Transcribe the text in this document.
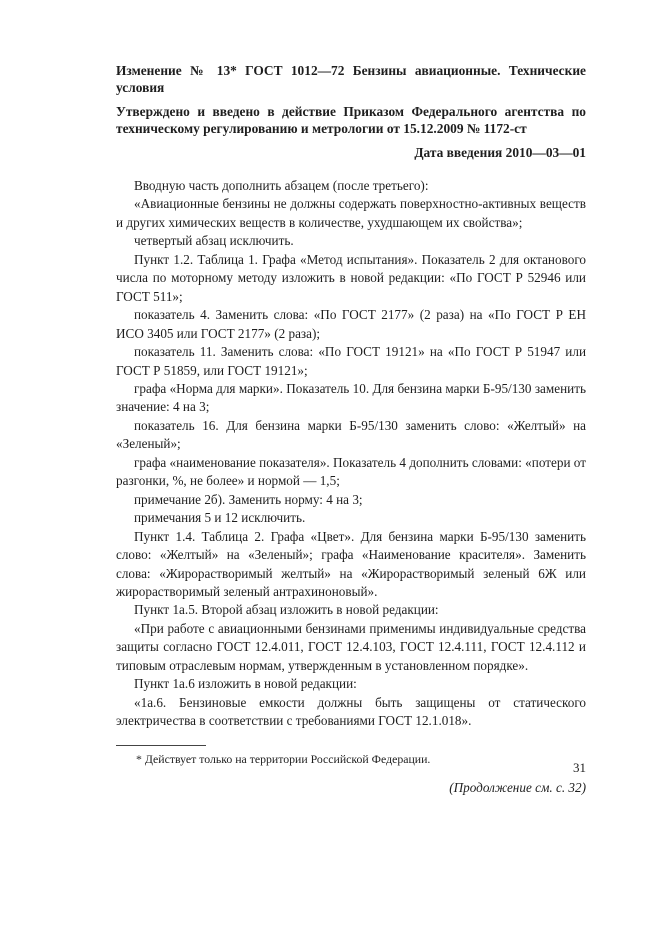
Изменение № 13* ГОСТ 1012—72 Бензины авиационные. Технические условия

Утверждено и введено в действие Приказом Федерального агентства по техническому регулированию и метрологии от 15.12.2009 № 1172-ст

Дата введения 2010—03—01

Вводную часть дополнить абзацем (после третьего):

«Авиационные бензины не должны содержать поверхностно-активных веществ и других химических веществ в количестве, ухудшающем их свойства»;

четвертый абзац исключить.

Пункт 1.2. Таблица 1. Графа «Метод испытания». Показатель 2 для октанового числа по моторному методу изложить в новой редакции: «По ГОСТ Р 52946 или ГОСТ 511»;

показатель 4. Заменить слова: «По ГОСТ 2177» (2 раза) на «По ГОСТ Р ЕН ИСО 3405 или ГОСТ 2177» (2 раза);

показатель 11. Заменить слова: «По ГОСТ 19121» на «По ГОСТ Р 51947 или ГОСТ Р 51859, или ГОСТ 19121»;

графа «Норма для марки». Показатель 10. Для бензина марки Б-95/130 заменить значение: 4 на 3;

показатель 16. Для бензина марки Б-95/130 заменить слово: «Желтый» на «Зеленый»;

графа «наименование показателя». Показатель 4 дополнить словами: «потери от разгонки, %, не более» и нормой — 1,5;

примечание 2б). Заменить норму: 4 на 3;

примечания 5 и 12 исключить.

Пункт 1.4. Таблица 2. Графа «Цвет». Для бензина марки Б-95/130 заменить слово: «Желтый» на «Зеленый»; графа «Наименование красителя». Заменить слова: «Жирорастворимый желтый» на «Жирорастворимый зеленый 6Ж или жирорастворимый зеленый антрахиноновый».

Пункт 1а.5. Второй абзац изложить в новой редакции:

«При работе с авиационными бензинами применимы индивидуальные средства защиты согласно ГОСТ 12.4.011, ГОСТ 12.4.103, ГОСТ 12.4.111, ГОСТ 12.4.112 и типовым отраслевым нормам, утвержденным в установленном порядке».

Пункт 1а.6 изложить в новой редакции:

«1а.6. Бензиновые емкости должны быть защищены от статического электричества в соответствии с требованиями ГОСТ 12.1.018».

* Действует только на территории Российской Федерации.

(Продолжение см. с. 32)

31
